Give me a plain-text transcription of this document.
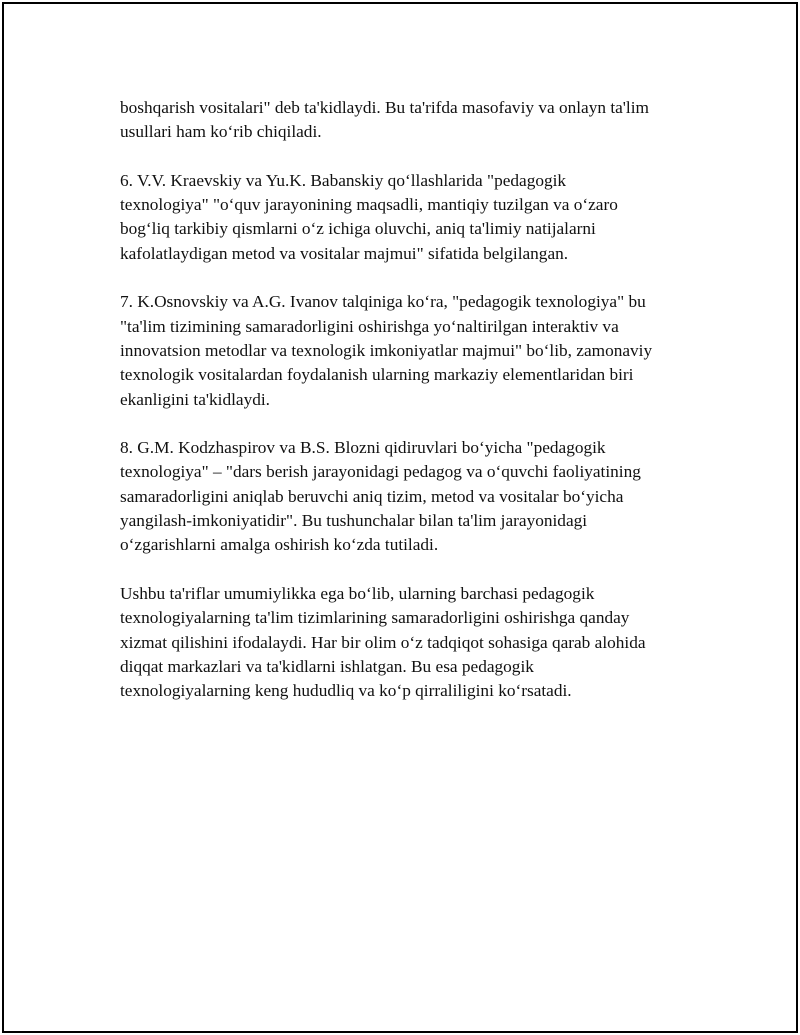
boshqarish vositalari" deb ta'kidlaydi. Bu ta'rifda masofaviy va onlayn ta'lim
usullari ham ko‘rib chiqiladi.

6. V.V. Kraevskiy va Yu.K. Babanskiy qo‘llashlarida "pedagogik
texnologiya" "o‘quv jarayonining maqsadli, mantiqiy tuzilgan va o‘zaro
bog‘liq tarkibiy qismlarni o‘z ichiga oluvchi, aniq ta'limiy natijalarni
kafolatlaydigan metod va vositalar majmui" sifatida belgilangan.

7. K.Osnovskiy va A.G. Ivanov talqiniga ko‘ra, "pedagogik texnologiya" bu
"ta'lim tizimining samaradorligini oshirishga yo‘naltirilgan interaktiv va
innovatsion metodlar va texnologik imkoniyatlar majmui" bo‘lib, zamonaviy
texnologik vositalardan foydalanish ularning markaziy elementlaridan biri
ekanligini ta'kidlaydi.

8. G.M. Kodzhaspirov va B.S. Blozni qidiruvlari bo‘yicha "pedagogik
texnologiya" – "dars berish jarayonidagi pedagog va o‘quvchi faoliyatining
samaradorligini aniqlab beruvchi aniq tizim, metod va vositalar bo‘yicha
yangilash-imkoniyatidir". Bu tushunchalar bilan ta'lim jarayonidagi
o‘zgarishlarni amalga oshirish ko‘zda tutiladi.

Ushbu ta'riflar umumiylikka ega bo‘lib, ularning barchasi pedagogik
texnologiyalarning ta'lim tizimlarining samaradorligini oshirishga qanday
xizmat qilishini ifodalaydi. Har bir olim o‘z tadqiqot sohasiga qarab alohida
diqqat markazlari va ta'kidlarni ishlatgan. Bu esa pedagogik
texnologiyalarning keng hududliq va ko‘p qirraliligini ko‘rsatadi.
